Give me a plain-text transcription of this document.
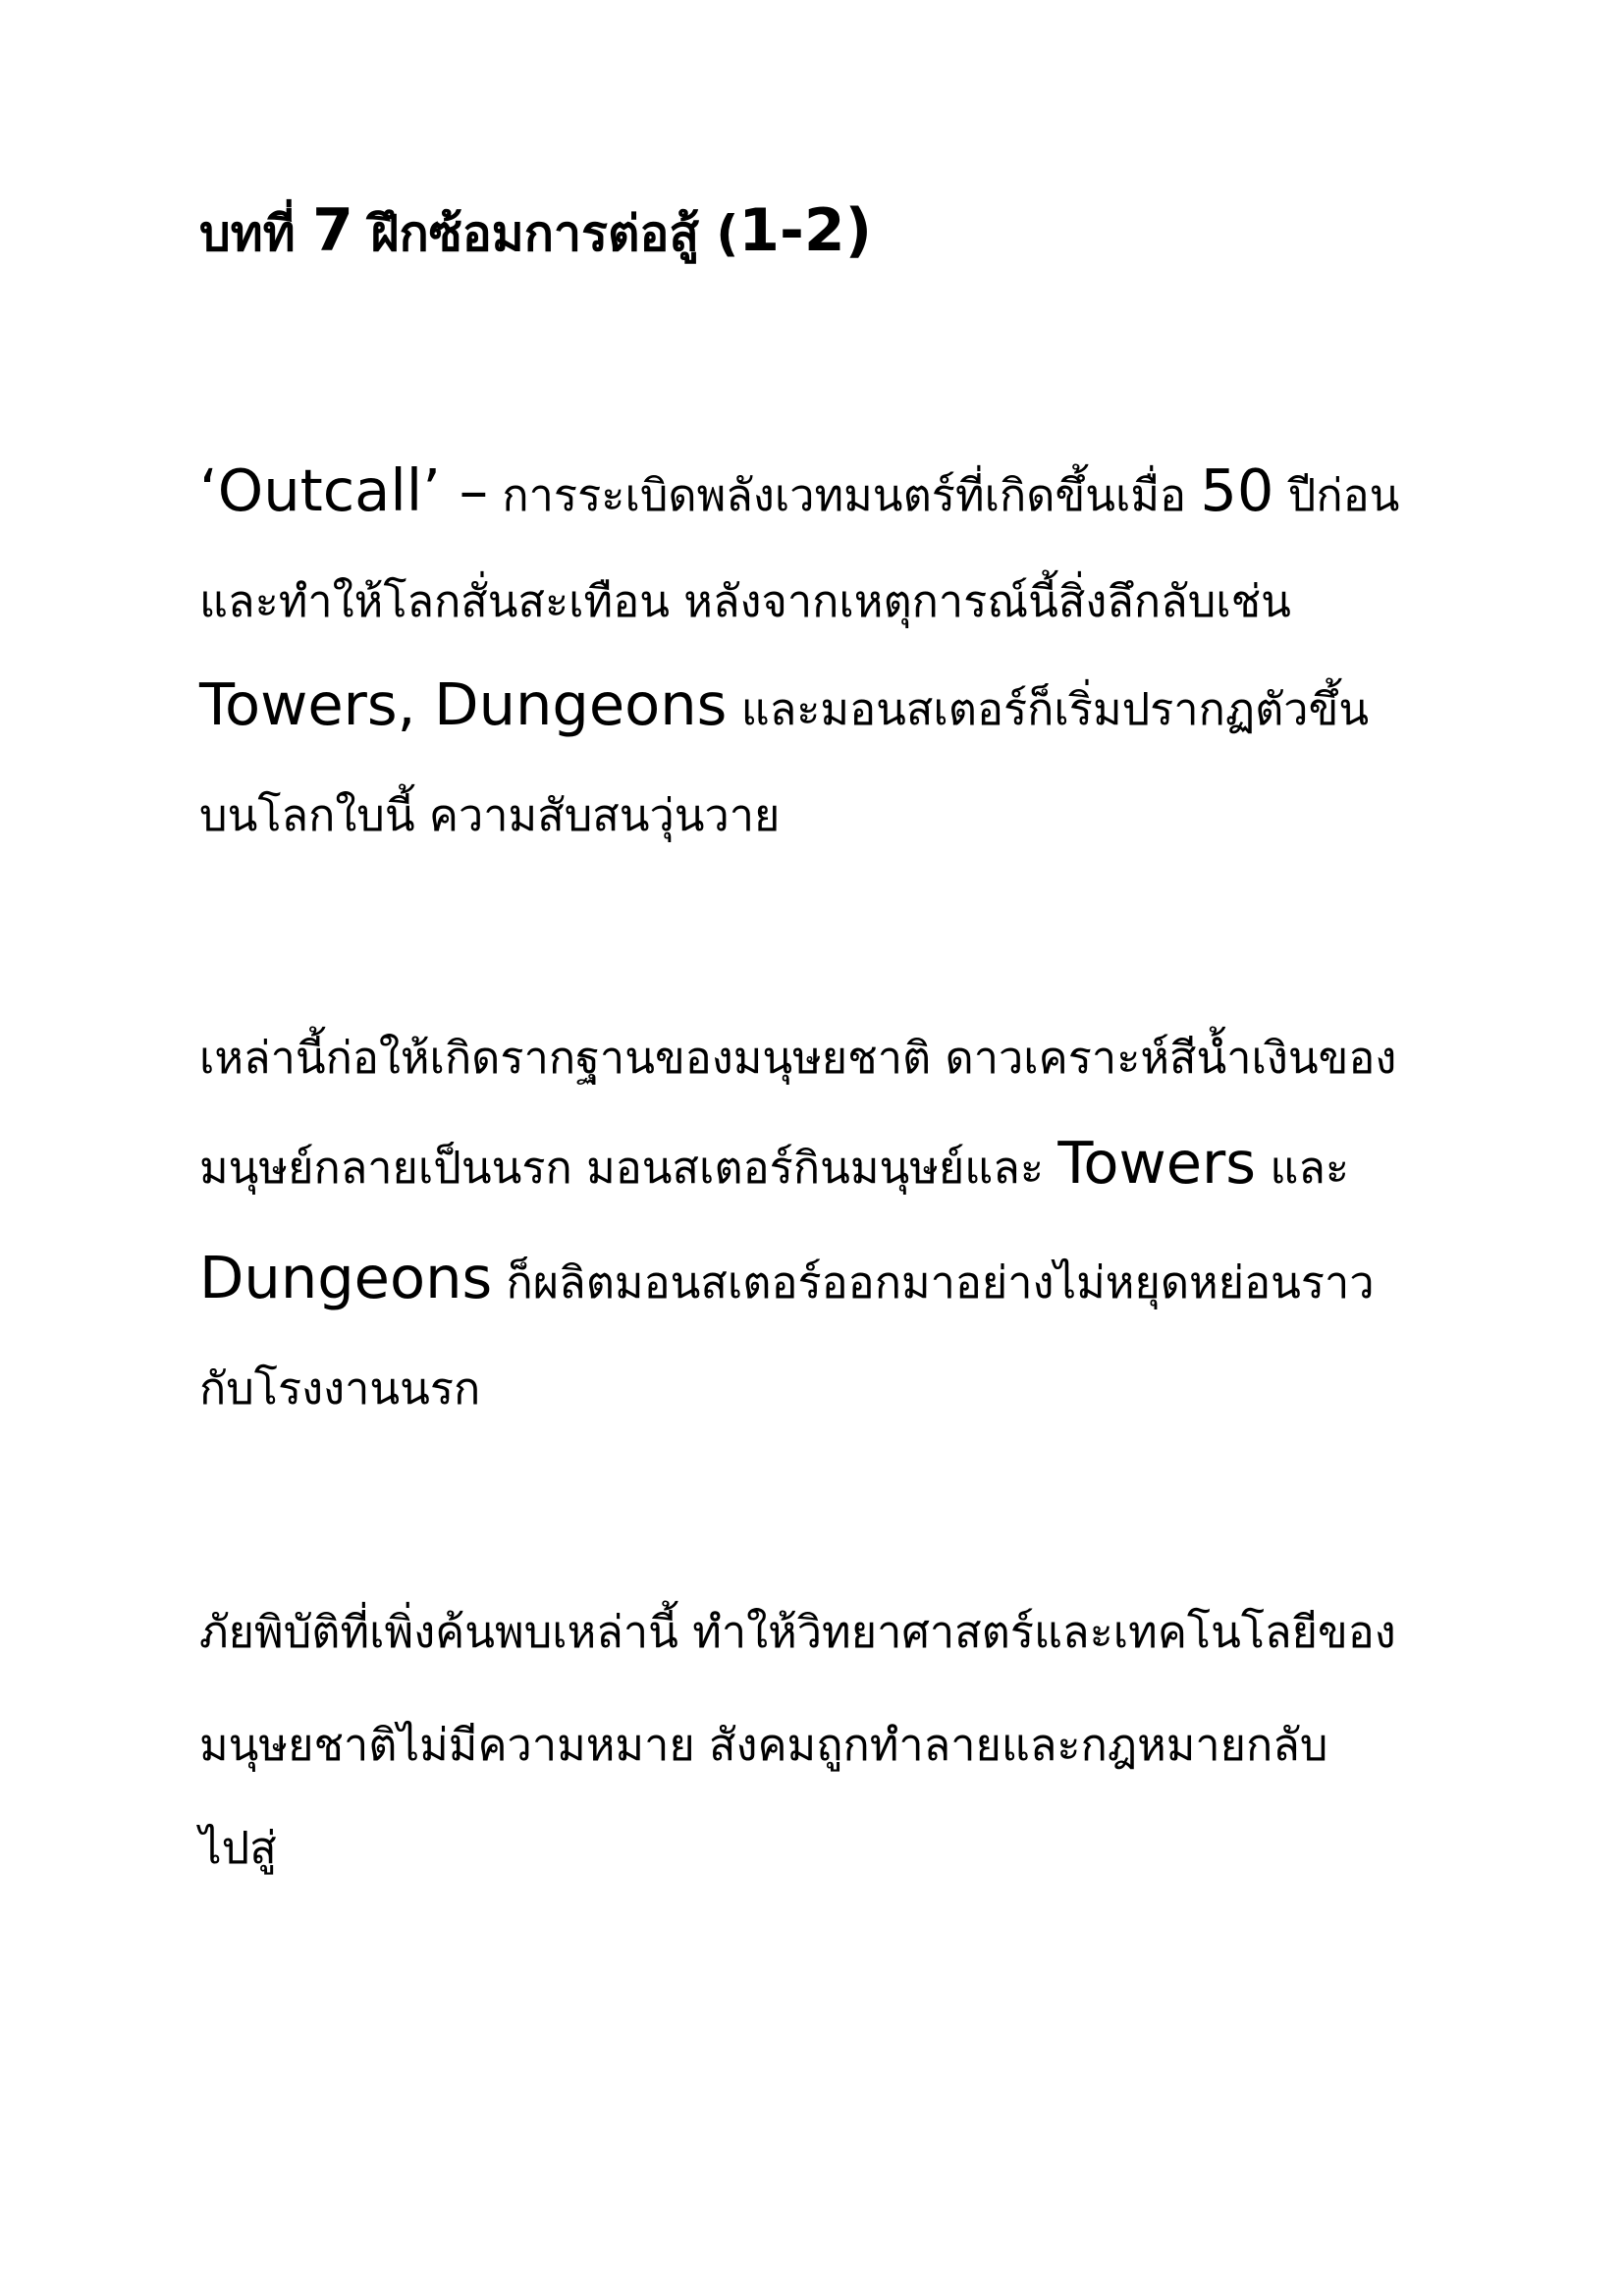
บทที่ 7 ฝึกซ้อมการต่อสู้ (1-2)

‘Outcall’ – การระเบิดพลังเวทมนตร์ที่เกิดขึ้นเมื่อ 50 ปีก่อน

และทำให้โลกสั่นสะเทือน หลังจากเหตุการณ์นี้สิ่งลึกลับเช่น

Towers, Dungeons และมอนสเตอร์ก็เริ่มปรากฏตัวขึ้น

บนโลกใบนี้ ความสับสนวุ่นวาย

เหล่านี้ก่อให้เกิดรากฐานของมนุษยชาติ ดาวเคราะห์สีน้ำเงินของ

มนุษย์กลายเป็นนรก มอนสเตอร์กินมนุษย์และ Towers และ

Dungeons ก็ผลิตมอนสเตอร์ออกมาอย่างไม่หยุดหย่อนราว

กับโรงงานนรก

ภัยพิบัติที่เพิ่งค้นพบเหล่านี้ ทำให้วิทยาศาสตร์และเทคโนโลยีของ

มนุษยชาติไม่มีความหมาย สังคมถูกทำลายและกฎหมายกลับ

ไปสู่
